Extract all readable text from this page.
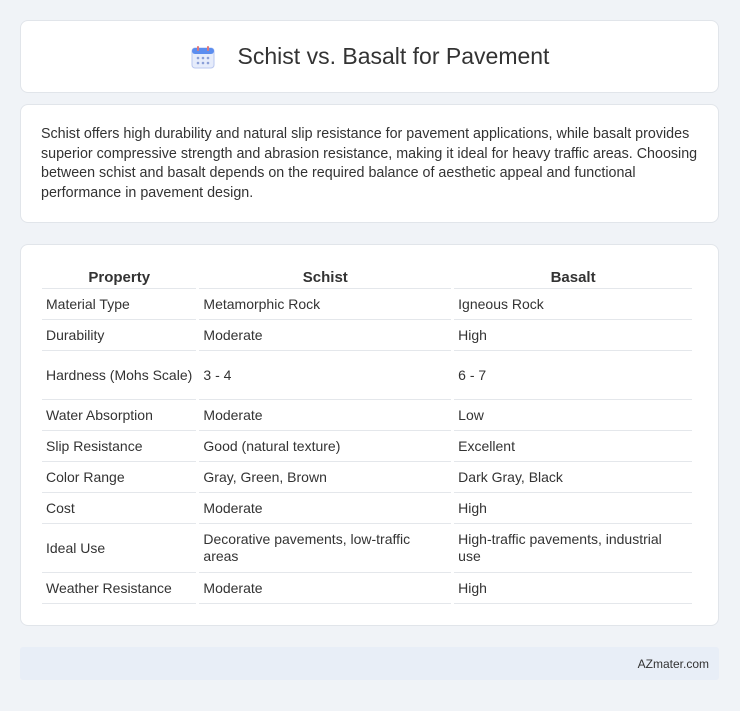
Schist vs. Basalt for Pavement

Schist offers high durability and natural slip resistance for pavement applications, while basalt provides superior compressive strength and abrasion resistance, making it ideal for heavy traffic areas. Choosing between schist and basalt depends on the required balance of aesthetic appeal and functional performance in pavement design.

Property	Schist	Basalt
Material Type	Metamorphic Rock	Igneous Rock
Durability	Moderate	High
Hardness (Mohs Scale)	3 - 4	6 - 7
Water Absorption	Moderate	Low
Slip Resistance	Good (natural texture)	Excellent
Color Range	Gray, Green, Brown	Dark Gray, Black
Cost	Moderate	High
Ideal Use	Decorative pavements, low-traffic areas	High-traffic pavements, industrial use
Weather Resistance	Moderate	High
AZmater.com
